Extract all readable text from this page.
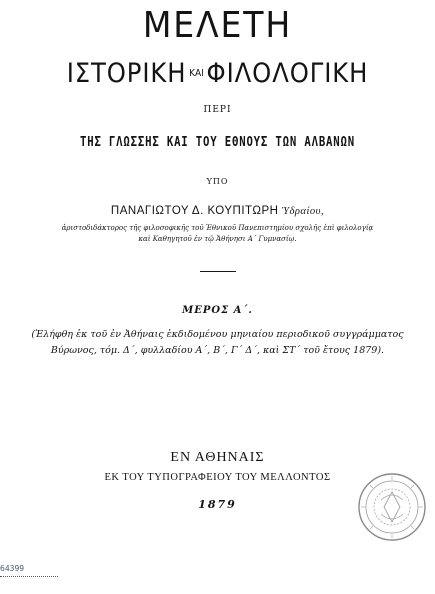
ΜΕΛΕΤΗ
ΙΣΤΟΡΙΚΗ $^{KAI}$ΦΙΛΟΛΟΓΙΚΗ
ΠΕΡΙ
ΤΗΣ ΓΛΩΣΣΗΣ ΚΑΙ ΤΟΥ ΕΘΝΟΥΣ ΤΩΝ ΑΛΒΑΝΩΝ
ΥΠΟ
ΠΑΝΑΓΙΩΤΟΥ Δ. ΚΟΥΠΙΤΩΡΗ Ὑδραίου,
ἀριστοδιδάκτορος τῆς φιλοσοφικῆς τοῦ Ἐθνικοῦ Πανεπιστημίου σχολῆς ἐπὶ φιλολογίᾳ
καὶ Καθηγητοῦ ἐν τῷ Ἀθήνησι Α΄ Γυμνασίῳ.
ΜΕΡΟΣ Α΄.
(Ἐλήφθη ἐκ τοῦ ἐν Ἀθήναις ἐκδιδομένου μηνιαίου περιοδικοῦ συγγράμματος
Βύρωνος, τόμ. Δ΄, φυλλαδίου Α΄, Β΄, Γ΄ Δ΄, καὶ ΣΤ΄ τοῦ ἔτους 1879).
ΕΝ ΑΘΗΝΑΙΣ
ΕΚ ΤΟΥ ΤΥΠΟΓΡΑΦΕΙΟΥ ΤΟΥ ΜΕΛΛΟΝΤΟΣ
1879
64399
